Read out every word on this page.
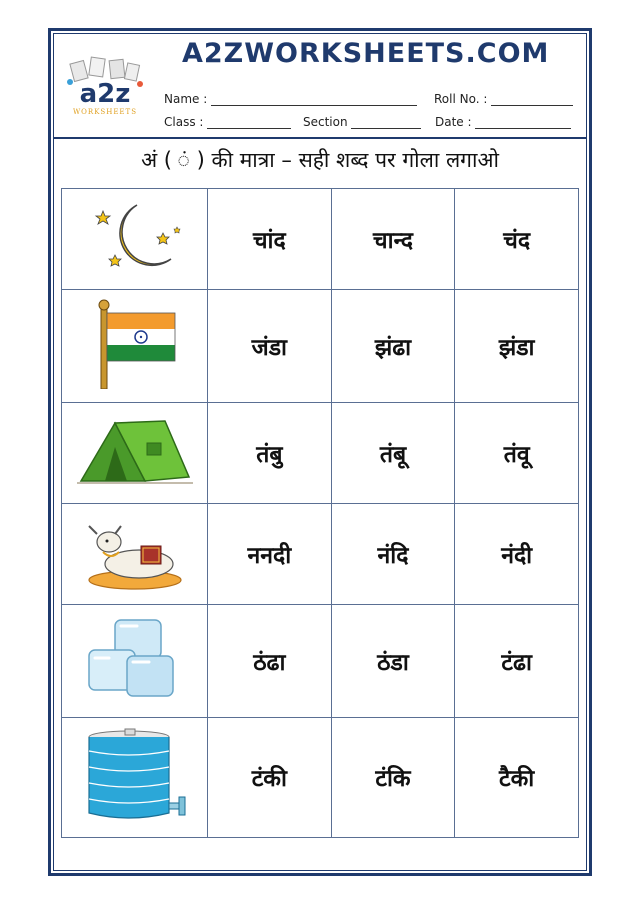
a2z
WORKSHEETS
A2ZWORKSHEETS.COM
Name :	Roll No. :
Class :	Section	Date :
अं ( ं ) की मात्रा – सही शब्द पर गोला लगाओ
	चांद	चान्द	चंद
	जंडा	झंढा	झंडा
	तंबु	तंबू	तंवू
	ननदी	नंदि	नंदी
	ठंढा	ठंडा	टंढा
	टंकी	टंकि	टैकी
